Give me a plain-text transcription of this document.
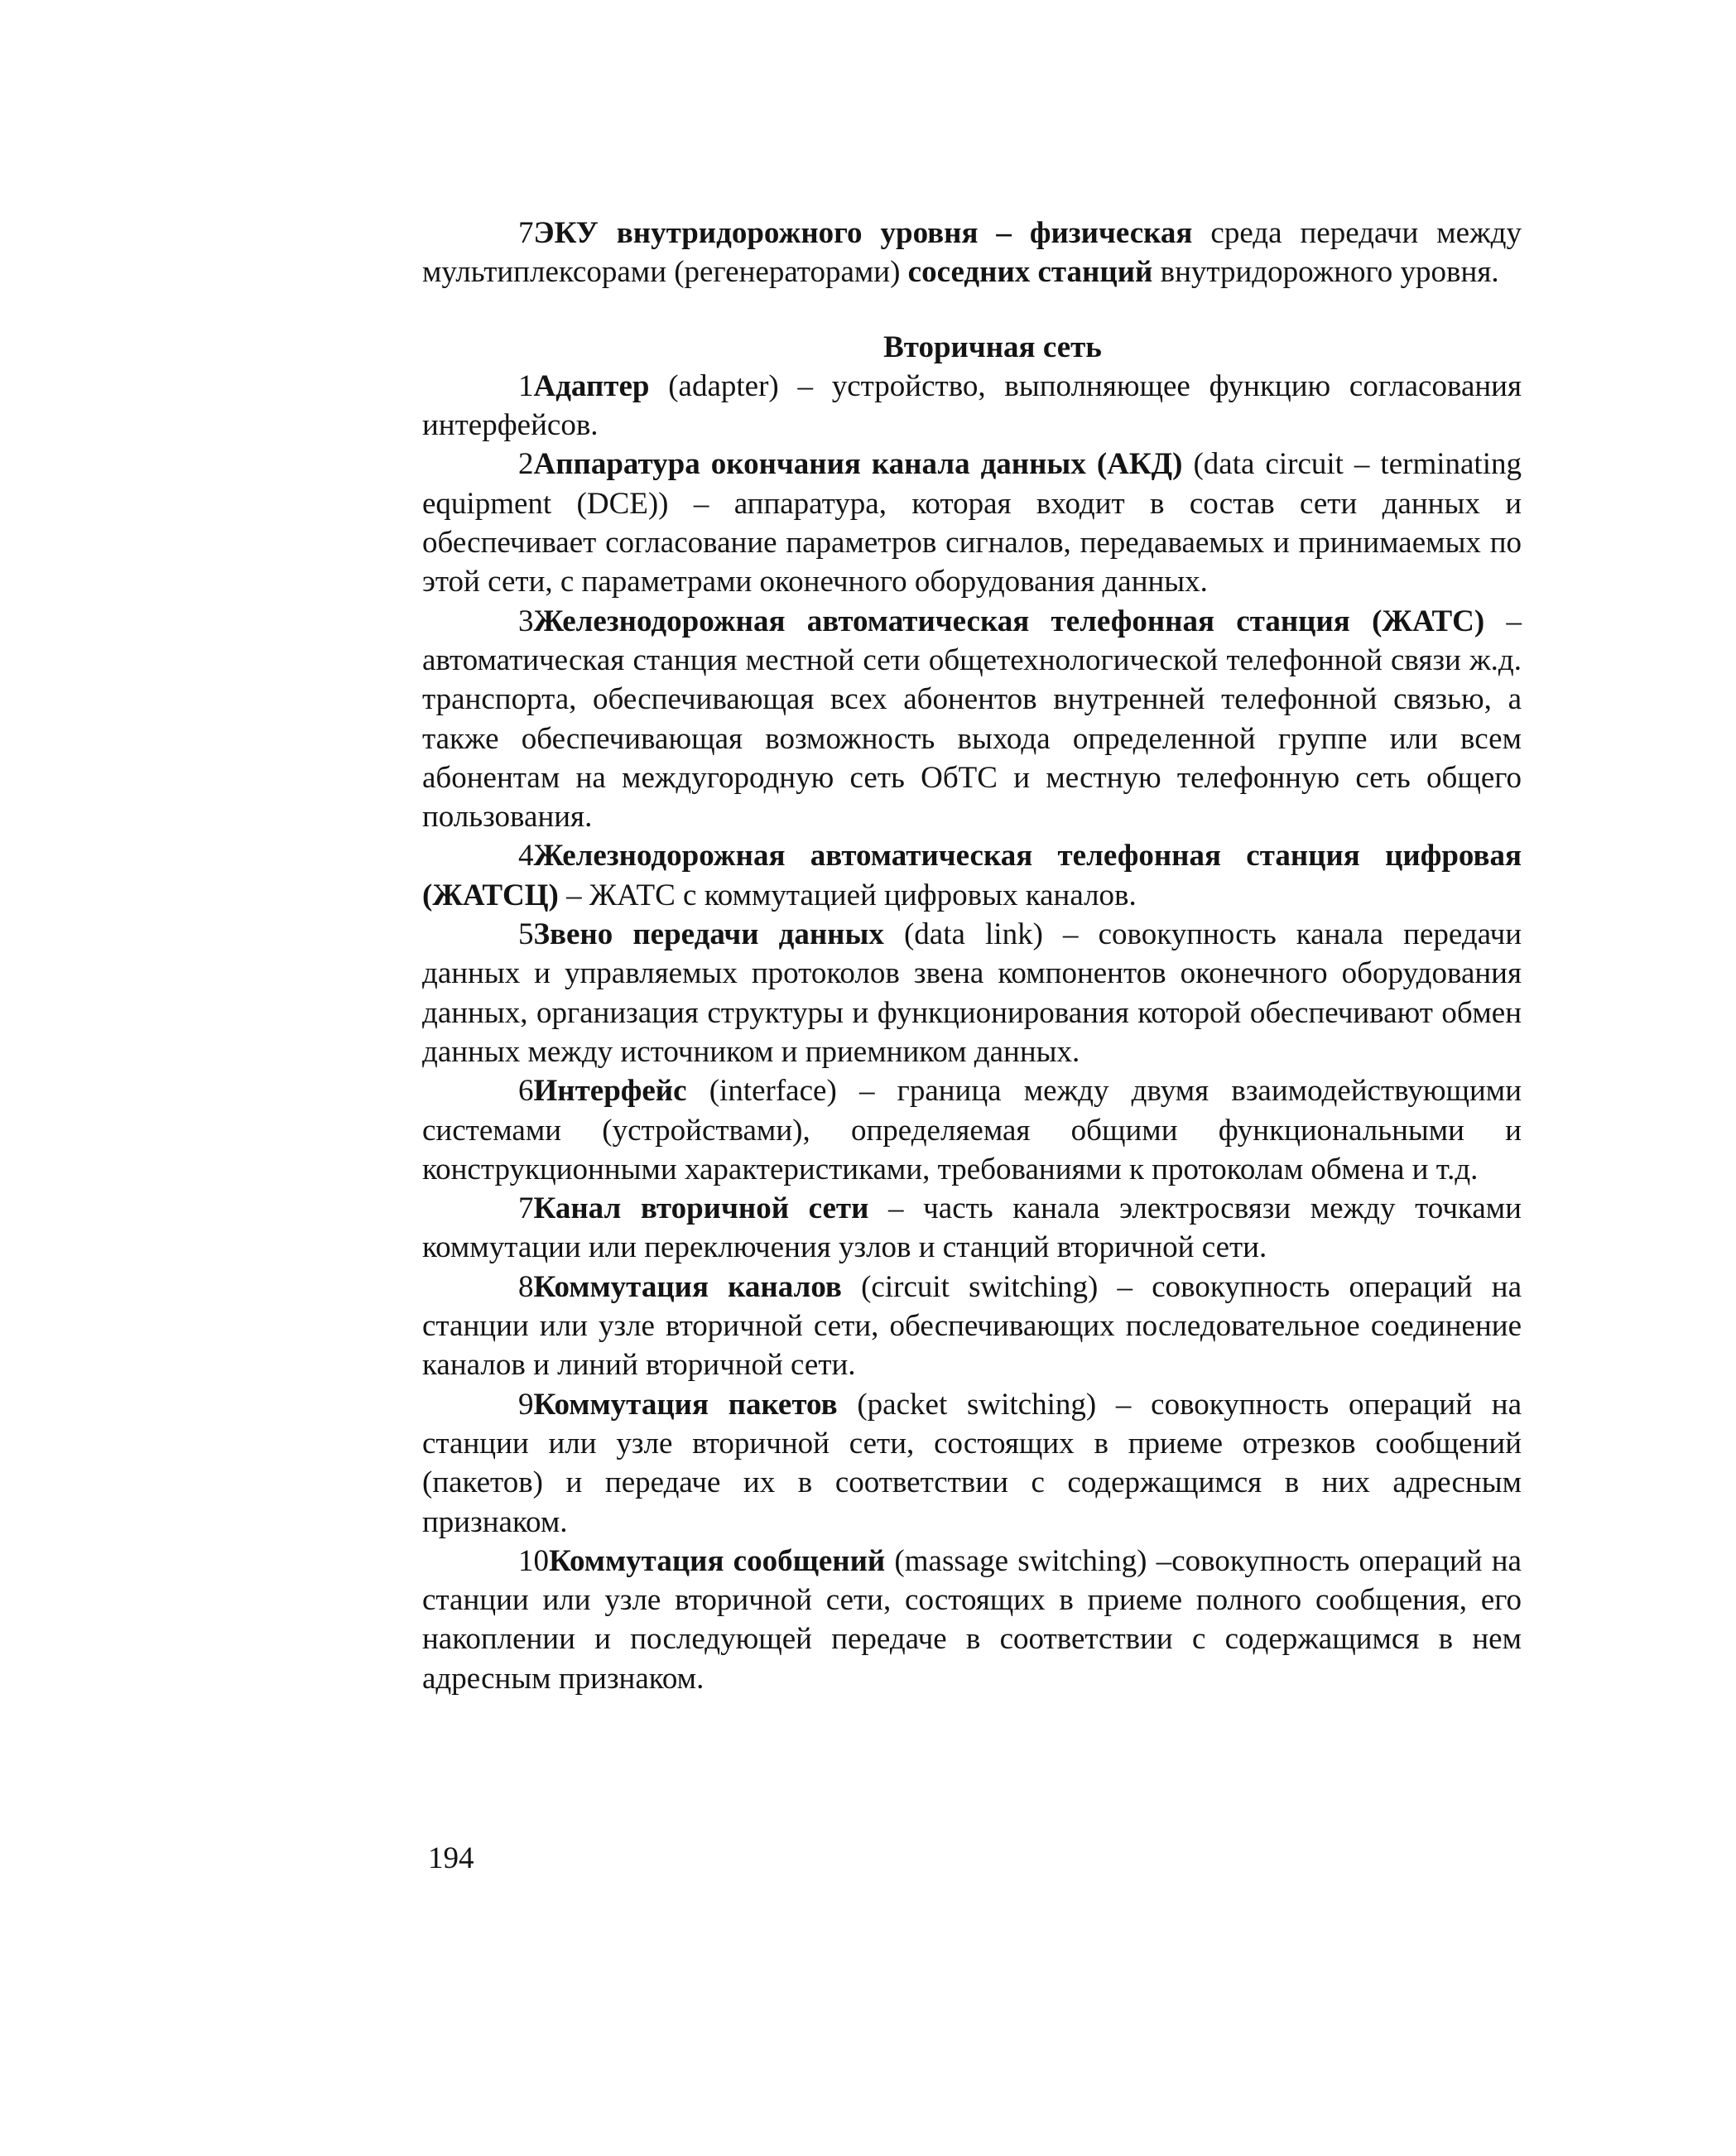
7ЭКУ внутридорожного уровня – физическая среда передачи между мультиплексорами (регенераторами) соседних станций внутридорожного уровня.

Вторичная сеть

1Адаптер (adapter) – устройство, выполняющее функцию согласования интерфейсов.

2Аппаратура окончания канала данных (АКД) (data circuit – terminating equipment (DCE)) – аппаратура, которая входит в состав сети данных и обеспечивает согласование параметров сигналов, передаваемых и принимаемых по этой сети, с параметрами оконечного оборудования данных.

3Железнодорожная автоматическая телефонная станция (ЖАТС) – автоматическая станция местной сети общетехнологической телефонной связи ж.д. транспорта, обеспечивающая всех абонентов внутренней телефонной связью, а также обеспечивающая возможность выхода определенной группе или всем абонентам на междугородную сеть ОбТС и местную телефонную сеть общего пользования.

4Железнодорожная автоматическая телефонная станция цифровая (ЖАТСЦ) – ЖАТС с коммутацией цифровых каналов.

5Звено передачи данных (data link) – совокупность канала передачи данных и управляемых протоколов звена компонентов оконечного оборудования данных, организация структуры и функционирования которой обеспечивают обмен данных между источником и приемником данных.

6Интерфейс (interface) – граница между двумя взаимодействующими системами (устройствами), определяемая общими функциональными и конструкционными характеристиками, требованиями к протоколам обмена и т.д.

7Канал вторичной сети – часть канала электросвязи между точками коммутации или переключения узлов и станций вторичной сети.

8Коммутация каналов (circuit switching) – совокупность операций на станции или узле вторичной сети, обеспечивающих последовательное соединение каналов и линий вторичной сети.

9Коммутация пакетов (packet switching) – совокупность операций на станции или узле вторичной сети, состоящих в приеме отрезков сообщений (пакетов) и передаче их в соответствии с содержащимся в них адресным признаком.

10Коммутация сообщений (massage switching) –совокупность операций на станции или узле вторичной сети, состоящих в приеме полного сообщения, его накоплении и последующей передаче в соответствии с содержащимся в нем адресным признаком.

194
